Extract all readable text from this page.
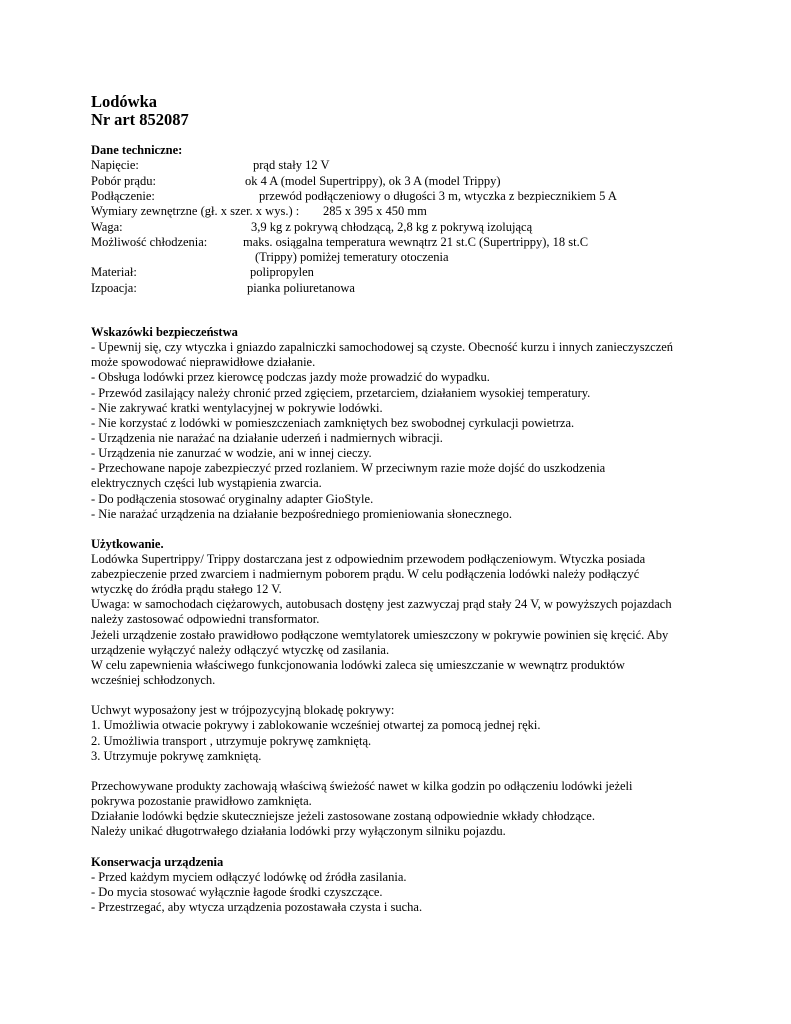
Lodówka
Nr art 852087
Dane techniczne:
Napięcie:	prąd stały 12 V
Pobór prądu:	ok 4 A (model Supertrippy), ok 3 A (model Trippy)
Podłączenie:	przewód podłączeniowy o długości 3 m, wtyczka z bezpiecznikiem 5 A
Wymiary zewnętrzne (gł. x szer. x wys.) : 285 x 395 x 450 mm
Waga:	3,9 kg z pokrywą chłodzącą, 2,8 kg z pokrywą izolującą
Możliwość chłodzenia:	maks. osiągalna temperatura wewnątrz 21 st.C (Supertrippy), 18 st.C
(Trippy) pomiżej temeratury otoczenia
Materiał:	polipropylen
Izpoacja:	pianka poliuretanowa
Wskazówki bezpieczeństwa
- Upewnij się, czy wtyczka i gniazdo zapalniczki samochodowej są czyste. Obecność kurzu i innych zanieczyszczeń
może spowodować nieprawidłowe działanie.
- Obsługa lodówki przez kierowcę podczas jazdy może prowadzić do wypadku.
- Przewód zasilający należy chronić przed zgięciem, przetarciem, działaniem wysokiej temperatury.
- Nie zakrywać kratki wentylacyjnej w pokrywie lodówki.
- Nie korzystać z lodówki w pomieszczeniach zamkniętych bez swobodnej cyrkulacji powietrza.
- Urządzenia nie narażać na działanie uderzeń i nadmiernych wibracji.
- Urządzenia nie zanurzać w wodzie, ani w innej cieczy.
- Przechowane napoje zabezpieczyć przed rozlaniem. W przeciwnym razie może dojść do uszkodzenia
elektrycznych części lub wystąpienia zwarcia.
- Do podłączenia stosować oryginalny adapter GioStyle.
- Nie narażać urządzenia na działanie bezpośredniego promieniowania słonecznego.
Użytkowanie.
Lodówka Supertrippy/ Trippy dostarczana jest z odpowiednim przewodem podłączeniowym. Wtyczka posiada
zabezpieczenie przed zwarciem i nadmiernym poborem prądu. W celu podłączenia lodówki należy podłączyć
wtyczkę do źródła prądu stałego 12 V.
Uwaga: w samochodach ciężarowych, autobusach dostęny jest zazwyczaj prąd stały 24 V, w powyższych pojazdach
należy zastosować odpowiedni transformator.
Jeżeli urządzenie zostało prawidłowo podłączone wemtylatorek umieszczony w pokrywie powinien się kręcić. Aby
urządzenie wyłączyć należy odłączyć wtyczkę od zasilania.
W celu zapewnienia właściwego funkcjonowania lodówki zaleca się umieszczanie w wewnątrz produktów
wcześniej schłodzonych.
Uchwyt wyposażony jest w trójpozycyjną blokadę pokrywy:
1. Umożliwia otwacie pokrywy i zablokowanie wcześniej otwartej za pomocą jednej ręki.
2. Umożliwia transport , utrzymuje pokrywę zamkniętą.
3. Utrzymuje pokrywę zamkniętą.
Przechowywane produkty zachowają właściwą świeżość nawet w kilka godzin po odłączeniu lodówki jeżeli
pokrywa pozostanie prawidłowo zamknięta.
Działanie lodówki będzie skuteczniejsze jeżeli zastosowane zostaną odpowiednie wkłady chłodzące.
Należy unikać długotrwałego działania lodówki przy wyłączonym silniku pojazdu.
Konserwacja urządzenia
- Przed każdym myciem odłączyć lodówkę od źródła zasilania.
- Do mycia stosować wyłącznie łagode środki czyszczące.
- Przestrzegać, aby wtycza urządzenia pozostawała czysta i sucha.
